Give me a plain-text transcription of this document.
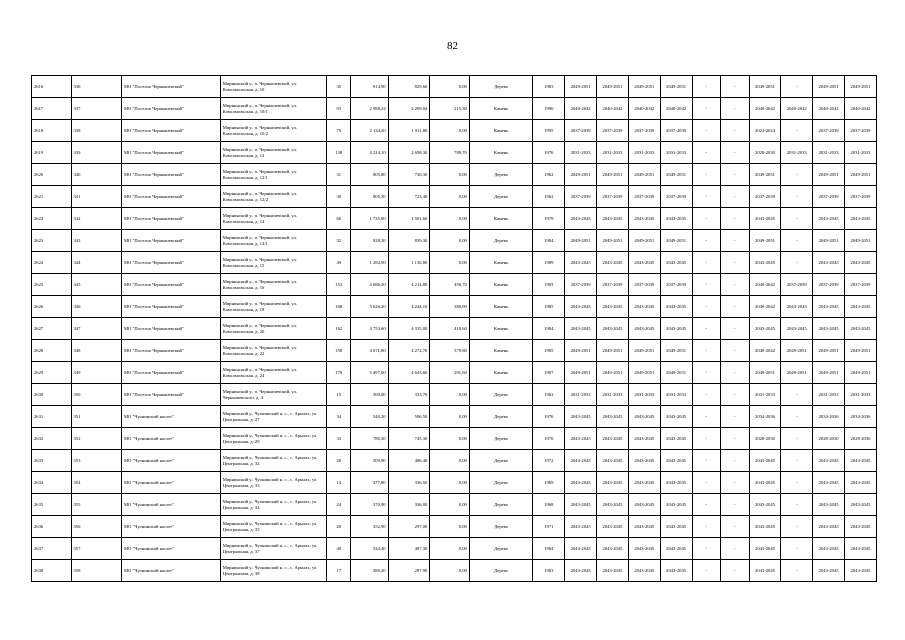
82
2616	336	МО "Поселок Чернышевский"	Мирнинский у., п. Чернышевский, ул. Комсомольская, д. 10	35	914,90	829,60	0,00	Дерево	1983	2049-2051	2049-2051	2049-2051	2049-2051	-	-	2049-2051	-	2049-2051	2049-2051
2617	337	МО "Поселок Чернышевский"	Мирнинский у., п. Чернышевский, ул. Комсомольская, д. 10/1	93	2 988,24	2 209,04	215,30	Камень	1990	2040-2042	2040-2042	2040-2042	2040-2042	-	-	2040-2042	2040-2042	2040-2042	2040-2042
2618	338	МО "Поселок Чернышевский"	Мирнинский у., п. Чернышевский, ул. Комсомольская, д. 10/2	75	2 134,20	1 911,80	0,00	Камень	1995	2037-2039	2037-2039	2037-2039	2037-2039	-	-	2022-2024	-	2037-2039	2037-2039
2619	339	МО "Поселок Чернышевский"	Мирнинский у., п. Чернышевский, ул. Комсомольская, д. 12	138	4 214,10	2 698,30	789,70	Камень	1976	2031-2033	2031-2033	2031-2033	2031-2033	-	-	2028-2030	2031-2033	2031-2033	2031-2033
2620	340	МО "Поселок Чернышевский"	Мирнинский у., п. Чернышевский, ул. Комсомольская, д. 12/1	31	805,80	730,30	0,00	Дерево	1962	2049-2051	2049-2051	2049-2051	2049-2051	-	-	2049-2051	-	2049-2051	2049-2051
2621	341	МО "Поселок Чернышевский"	Мирнинский у., п. Чернышевский, ул. Комсомольская, д. 12/2	30	805,50	723,40	0,00	Дерево	1962	2037-2039	2037-2039	2037-2039	2037-2039	-	-	2037-2039	-	2037-2039	2037-2039
2622	342	МО "Поселок Чернышевский"	Мирнинский у., п. Чернышевский, ул. Комсомольская, д. 14	66	1 735,00	1 501,60	0,00	Камень	1979	2043-2045	2043-2045	2043-2045	2043-2045	-	-	2043-2045	-	2043-2045	2043-2045
2623	343	МО "Поселок Чернышевский"	Мирнинский у., п. Чернышевский, ул. Комсомольская, д. 14/1	32	928,30	839,30	0,00	Дерево	1984	2049-2051	2049-2051	2049-2051	2049-2051	-	-	2049-2051	-	2049-2051	2049-2051
2624	344	МО "Поселок Чернышевский"	Мирнинский у., п. Чернышевский, ул. Комсомольская, д. 15	49	1 284,90	1 136,80	0,00	Камень	1989	2043-2045	2043-2045	2043-2045	2043-2045	-	-	2043-2045	-	2043-2045	2043-2045
2625	345	МО "Поселок Чернышевский"	Мирнинский у., п. Чернышевский, ул. Комсомольская, д. 16	153	4 686,20	4 214,80	456,70	Камень	1983	2037-2039	2037-2039	2037-2039	2037-2039	-	-	2040-2042	2037-2039	2037-2039	2037-2039
2626	346	МО "Поселок Чернышевский"	Мирнинский у., п. Чернышевский, ул. Комсомольская, д. 18	168	5 626,20	4 244,10	380,90	Камень	1985	2043-2045	2043-2045	2043-2045	2043-2045	-	-	2040-2042	2043-2045	2043-2045	2043-2045
2627	347	МО "Поселок Чернышевский"	Мирнинский у., п. Чернышевский, ул. Комсомольская, д. 20	162	4 753,60	4 335,00	418,60	Камень	1984	2043-2045	2043-2045	2043-2045	2043-2045	-	-	2043-2045	2043-2045	2043-2045	2043-2045
2628	348	МО "Поселок Чернышевский"	Мирнинский у., п. Чернышевский, ул. Комсомольская, д. 22	158	4 671,80	4 272,70	379,80	Камень	1985	2049-2051	2049-2051	2049-2051	2049-2051	-	-	2040-2042	2049-2051	2049-2051	2049-2051
2629	349	МО "Поселок Чернышевский"	Мирнинский у., п. Чернышевский, ул. Комсомольская, д. 24	179	5 497,00	4 643,60	291,60	Камень	1987	2049-2051	2049-2051	2049-2051	2049-2051	-	-	2049-2051	2049-2051	2049-2051	2049-2051
2630	350	МО "Поселок Чернышевский"	Мирнинский у., п. Чернышевский, ул. Чернышевского, д. 4	15	369,00	333,70	0,00	Дерево	1962	2031-2033	2031-2033	2031-2033	2031-2033	-	-	2031-2033	-	2031-2033	2031-2033
2631	351	МО "Чуонинский наслег"	Мирнинский у., Чуонинский н. с., с. Арылах, ул. Центральная, д. 27	34	540,20	506,50	0,00	Дерево	1976	2043-2045	2043-2045	2043-2045	2043-2045	-	-	2034-2036	-	2034-2036	2034-2036
2632	352	МО "Чуонинский наслег"	Мирнинский у., Чуонинский н. с., с. Арылах, ул. Центральная, д. 29	33	780,30	745,30	0,00	Дерево	1976	2043-2045	2043-2045	2043-2045	2043-2045	-	-	2028-2030	-	2028-2030	2028-2030
2633	353	МО "Чуонинский наслег"	Мирнинский у., Чуонинский н. с., с. Арылах, ул. Центральная, д. 32	28	509,90	486,40	0,00	Дерево	1972	2043-2045	2043-2045	2043-2045	2043-2045	-	-	2043-2045	-	2043-2045	2043-2045
2634	354	МО "Чуонинский наслег"	Мирнинский у., Чуонинский н. с., с. Арылах, ул. Центральная, д. 33	14	377,80	336,50	0,00	Дерево	1969	2043-2045	2043-2045	2043-2045	2043-2045	-	-	2043-2045	-	2043-2045	2043-2045
2635	355	МО "Чуонинский наслег"	Мирнинский у., Чуонинский н. с., с. Арылах, ул. Центральная, д. 34	24	370,90	336,00	0,00	Дерево	1968	2043-2045	2043-2045	2043-2045	2043-2045	-	-	2043-2045	-	2043-2045	2043-2045
2636	356	МО "Чуонинский наслег"	Мирнинский у., Чуонинский н. с., с. Арылах, ул. Центральная, д. 35	20	352,90	297,00	0,00	Дерево	1971	2043-2045	2043-2045	2043-2045	2043-2045	-	-	2043-2045	-	2043-2045	2043-2045
2637	357	МО "Чуонинский наслег"	Мирнинский у., Чуонинский н. с., с. Арылах, ул. Центральная, д. 37	40	544,40	487,30	0,00	Дерево	1964	2043-2045	2043-2045	2043-2045	2043-2045	-	-	2043-2045	-	2043-2045	2043-2045
2638	358	МО "Чуонинский наслег"	Мирнинский у., Чуонинский н. с., с. Арылах, ул. Центральная, д. 38	17	380,20	287,90	0,00	Дерево	1963	2043-2045	2043-2045	2043-2045	2043-2045	-	-	2043-2045	-	2043-2045	2043-2045
